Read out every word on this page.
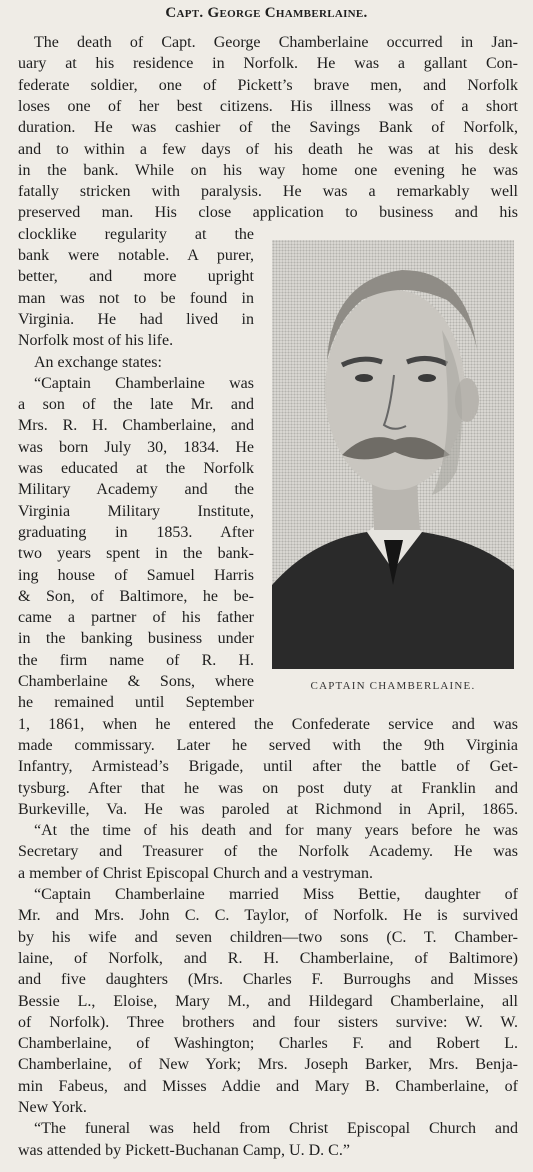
Capt. George Chamberlaine.
The death of Capt. George Chamberlaine occurred in Jan-
uary at his residence in Norfolk. He was a gallant Con-
federate soldier, one of Pickett’s brave men, and Norfolk
loses one of her best citizens. His illness was of a short
duration. He was cashier of the Savings Bank of Norfolk,
and to within a few days of his death he was at his desk
in the bank. While on his way home one evening he was
fatally stricken with paralysis. He was a remarkably well
preserved man. His close application to business and his
clocklike regularity at the
bank were notable. A purer,
better, and more upright
man was not to be found in
Virginia. He had lived in
Norfolk most of his life.
An exchange states:
“Captain Chamberlaine was
a son of the late Mr. and
Mrs. R. H. Chamberlaine, and
was born July 30, 1834. He
was educated at the Norfolk
Military Academy and the
Virginia Military Institute,
graduating in 1853. After
two years spent in the bank-
ing house of Samuel Harris
& Son, of Baltimore, he be-
came a partner of his father
in the banking business under
the firm name of R. H.
Chamberlaine & Sons, where
he remained until September
1, 1861, when he entered the Confederate service and was
made commissary. Later he served with the 9th Virginia
Infantry, Armistead’s Brigade, until after the battle of Get-
tysburg. After that he was on post duty at Franklin and
Burkeville, Va. He was paroled at Richmond in April, 1865.
“At the time of his death and for many years before he was
Secretary and Treasurer of the Norfolk Academy. He was
a member of Christ Episcopal Church and a vestryman.
“Captain Chamberlaine married Miss Bettie, daughter of
Mr. and Mrs. John C. C. Taylor, of Norfolk. He is survived
by his wife and seven children—two sons (C. T. Chamber-
laine, of Norfolk, and R. H. Chamberlaine, of Baltimore)
and five daughters (Mrs. Charles F. Burroughs and Misses
Bessie L., Eloise, Mary M., and Hildegard Chamberlaine, all
of Norfolk). Three brothers and four sisters survive: W. W.
Chamberlaine, of Washington; Charles F. and Robert L.
Chamberlaine, of New York; Mrs. Joseph Barker, Mrs. Benja-
min Fabeus, and Misses Addie and Mary B. Chamberlaine, of
New York.
“The funeral was held from Christ Episcopal Church and
was attended by Pickett-Buchanan Camp, U. D. C.”
CAPTAIN CHAMBERLAINE.
